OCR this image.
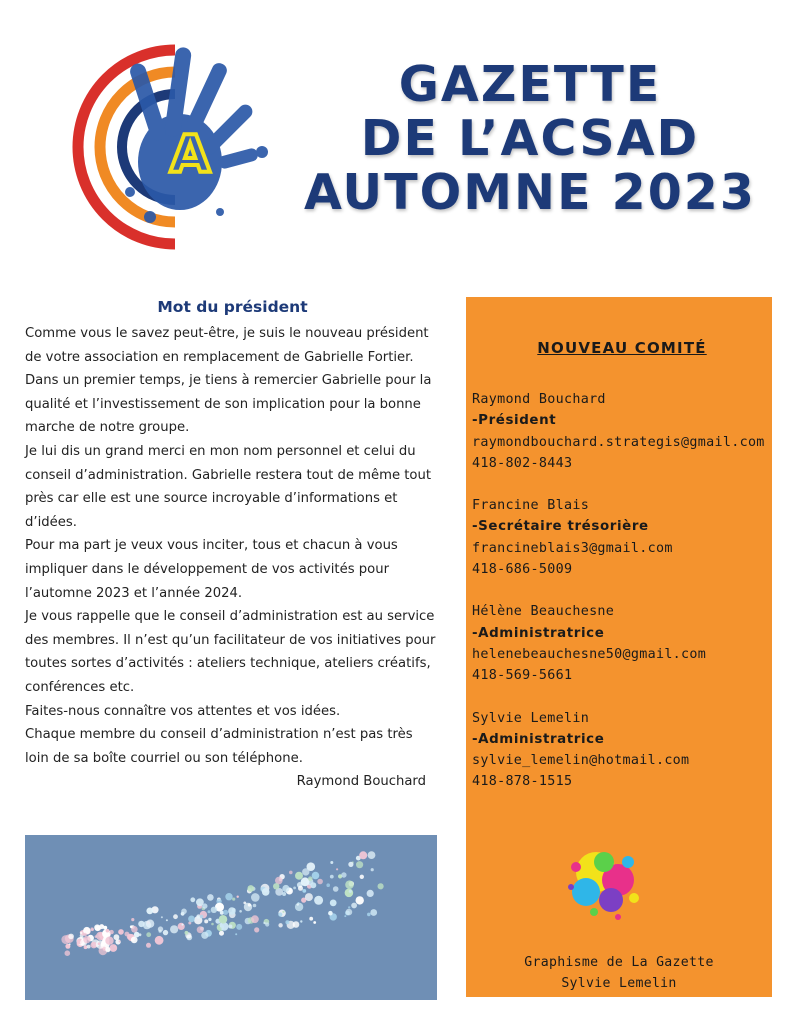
A
GAZETTE
DE L’ACSAD
AUTOMNE 2023
Mot du président

Comme vous le savez peut-être, je suis le nouveau président de votre association en remplacement de Gabrielle Fortier.

Dans un premier temps, je tiens à remercier Gabrielle pour la qualité et l’investissement de son implication pour la bonne marche de notre groupe.

Je lui dis un grand merci en mon nom personnel et celui du conseil d’administration. Gabrielle restera tout de même tout près car elle est une source incroyable d’informations et d’idées.

Pour ma part je veux vous inciter, tous et chacun à vous impliquer dans le développement de vos activités pour l’automne 2023 et l’année 2024.

Je vous rappelle que le conseil d’administration est au service des membres. Il n’est qu’un facilitateur de vos initiatives pour toutes sortes d’activités : ateliers technique, ateliers créatifs, conférences etc.

Faites-nous connaître vos attentes et vos idées.

Chaque membre du conseil d’administration n’est pas très loin de sa boîte courriel ou son téléphone.

Raymond Bouchard

NOUVEAU COMITÉ
Raymond Bouchard
-Président
raymondbouchard.strategis@gmail.com
418-802-8443
Francine Blais
-Secrétaire trésorière
francineblais3@gmail.com
418-686-5009
Hélène Beauchesne
-Administratrice
helenebeauchesne50@gmail.com
418-569-5661
Sylvie Lemelin
-Administratrice
sylvie_lemelin@hotmail.com
418-878-1515
Graphisme de La Gazette
Sylvie Lemelin
